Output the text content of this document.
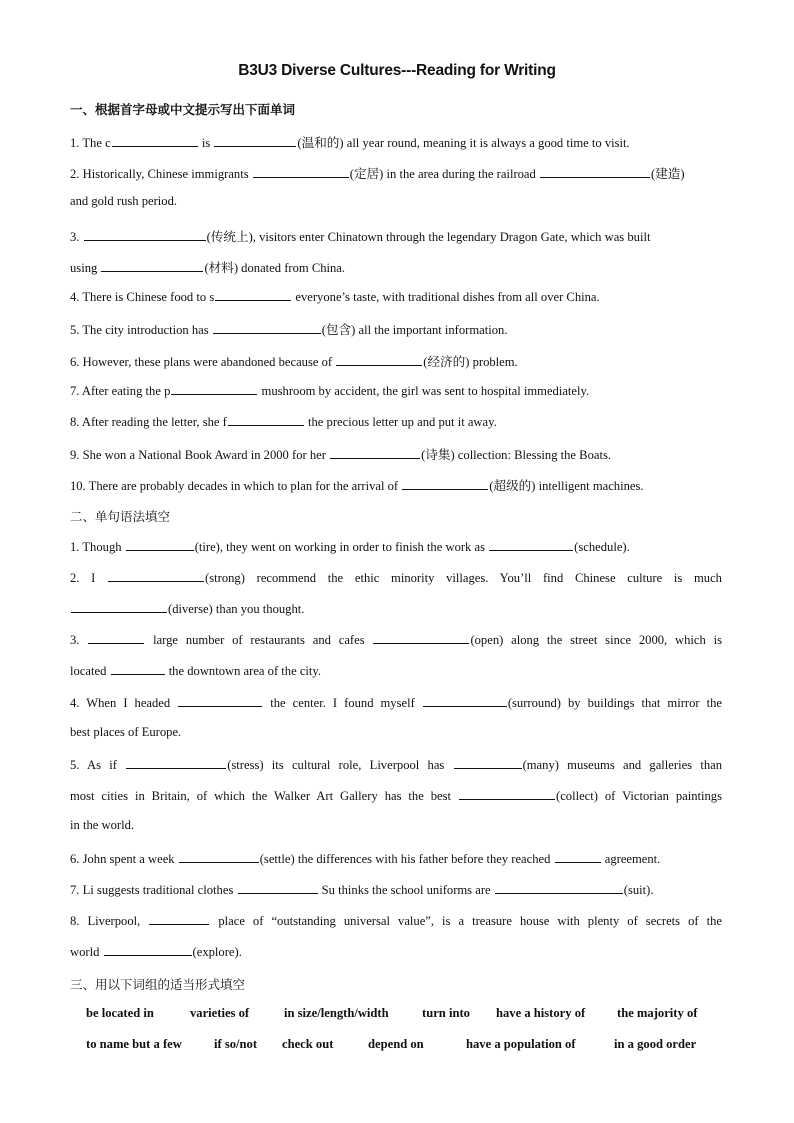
B3U3 Diverse Cultures---Reading for Writing
一、根据首字母或中文提示写出下面单词
1. The c	is	(温和的) all year round, meaning it is always a good time to visit.
2. Historically, Chinese immigrants	(定居) in the area during the railroad	(建造)
and gold rush period.
3.	(传统上), visitors enter Chinatown through the legendary Dragon Gate, which was built
using	(材料) donated from China.
4. There is Chinese food to s	everyone’s taste, with traditional dishes from all over China.
5. The city introduction has	(包含) all the important information.
6. However, these plans were abandoned because of	(经济的) problem.
7. After eating the p	mushroom by accident, the girl was sent to hospital immediately.
8. After reading the letter, she f	the precious letter up and put it away.
9. She won a National Book Award in 2000 for her	(诗集) collection: Blessing the Boats.
10. There are probably decades in which to plan for the arrival of	(超级的) intelligent machines.
二、单句语法填空
1. Though	(tire), they went on working in order to finish the work as	(schedule).
2. I	(strong) recommend the ethic minority villages. You’ll find Chinese culture is much
(diverse) than you thought.
3.	large number of restaurants and cafes	(open) along the street since 2000, which is
located	the downtown area of the city.
4. When I headed	the center. I found myself	(surround) by buildings that mirror the
best places of Europe.
5. As if	(stress) its cultural role, Liverpool has	(many) museums and galleries than
most cities in Britain, of which the Walker Art Gallery has the best	(collect) of Victorian paintings
in the world.
6. John spent a week	(settle) the differences with his father before they reached	agreement.
7. Li suggests traditional clothes	Su thinks the school uniforms are	(suit).
8. Liverpool,	place of “outstanding universal value”, is a treasure house with plenty of secrets of the
world	(explore).
三、用以下词组的适当形式填空
be located in	varieties of	in size/length/width	turn into have a history of	the majority of
to name but a few	if so/not check out	depend on	have a population of	in a good order
